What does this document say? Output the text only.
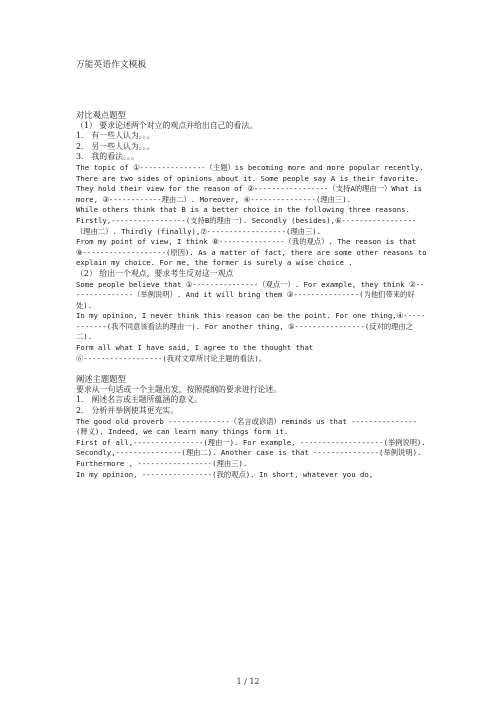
万能英语作文模板

对比观点题型

（1） 要求论述两个对立的观点并给出自己的看法。

1． 有一些人认为。。。

2． 另一些人认为。。。

3． 我的看法。。。

The topic of ①---------------（主题）is becoming more and more popular recently. There are two sides of opinions about it. Some people say A is their favorite. They hold their view for the reason of ②-----------------（支持A的理由一）What is more, ③------------理由二）. Moreover, ④---------------(理由三).

While others think that B is a better choice in the following three reasons. Firstly,-----------------(支持B的理由一). Secondly (besides),⑥-----------------（理由二）. Thirdly (finally),⑦------------------(理由三).

From my point of view, I think ⑧---------------（我的观点）. The reason is that ⑨-------------------(原因). As a matter of fact, there are some other reasons to explain my choice. For me, the former is surely a wise choice .

（2） 给出一个观点，要求考生反对这一观点

Some people believe that ①---------------（观点一）. For example, they think ②---------------（举例说明）. And it will bring them ③---------------(为他们带来的好处).

In my opinion, I never think this reason can be the point. For one thing,④------------(我不同意该看法的理由一). For another thing, ⑤----------------(反对的理由之二).

Form all what I have said, I agree to the thought that

⑥------------------(我对文章所讨论主题的看法)。

阐述主题题型

要求从一句话或一个主题出发，按照提纲的要求进行论述。

1． 阐述名言或主题所蕴涵的意义。

2． 分析并举例使其更充实。

The good old proverb --------------（名言或谚语）reminds us that ---------------(释义). Indeed, we can learn many things form it.

First of all,----------------(理由一). For example, -------------------(举例说明). Secondly,---------------(理由二). Another case is that ---------------(举例说明). Furthermore , -----------------(理由三).

In my opinion, ----------------(我的观点). In short, whatever you do,

1 / 12
